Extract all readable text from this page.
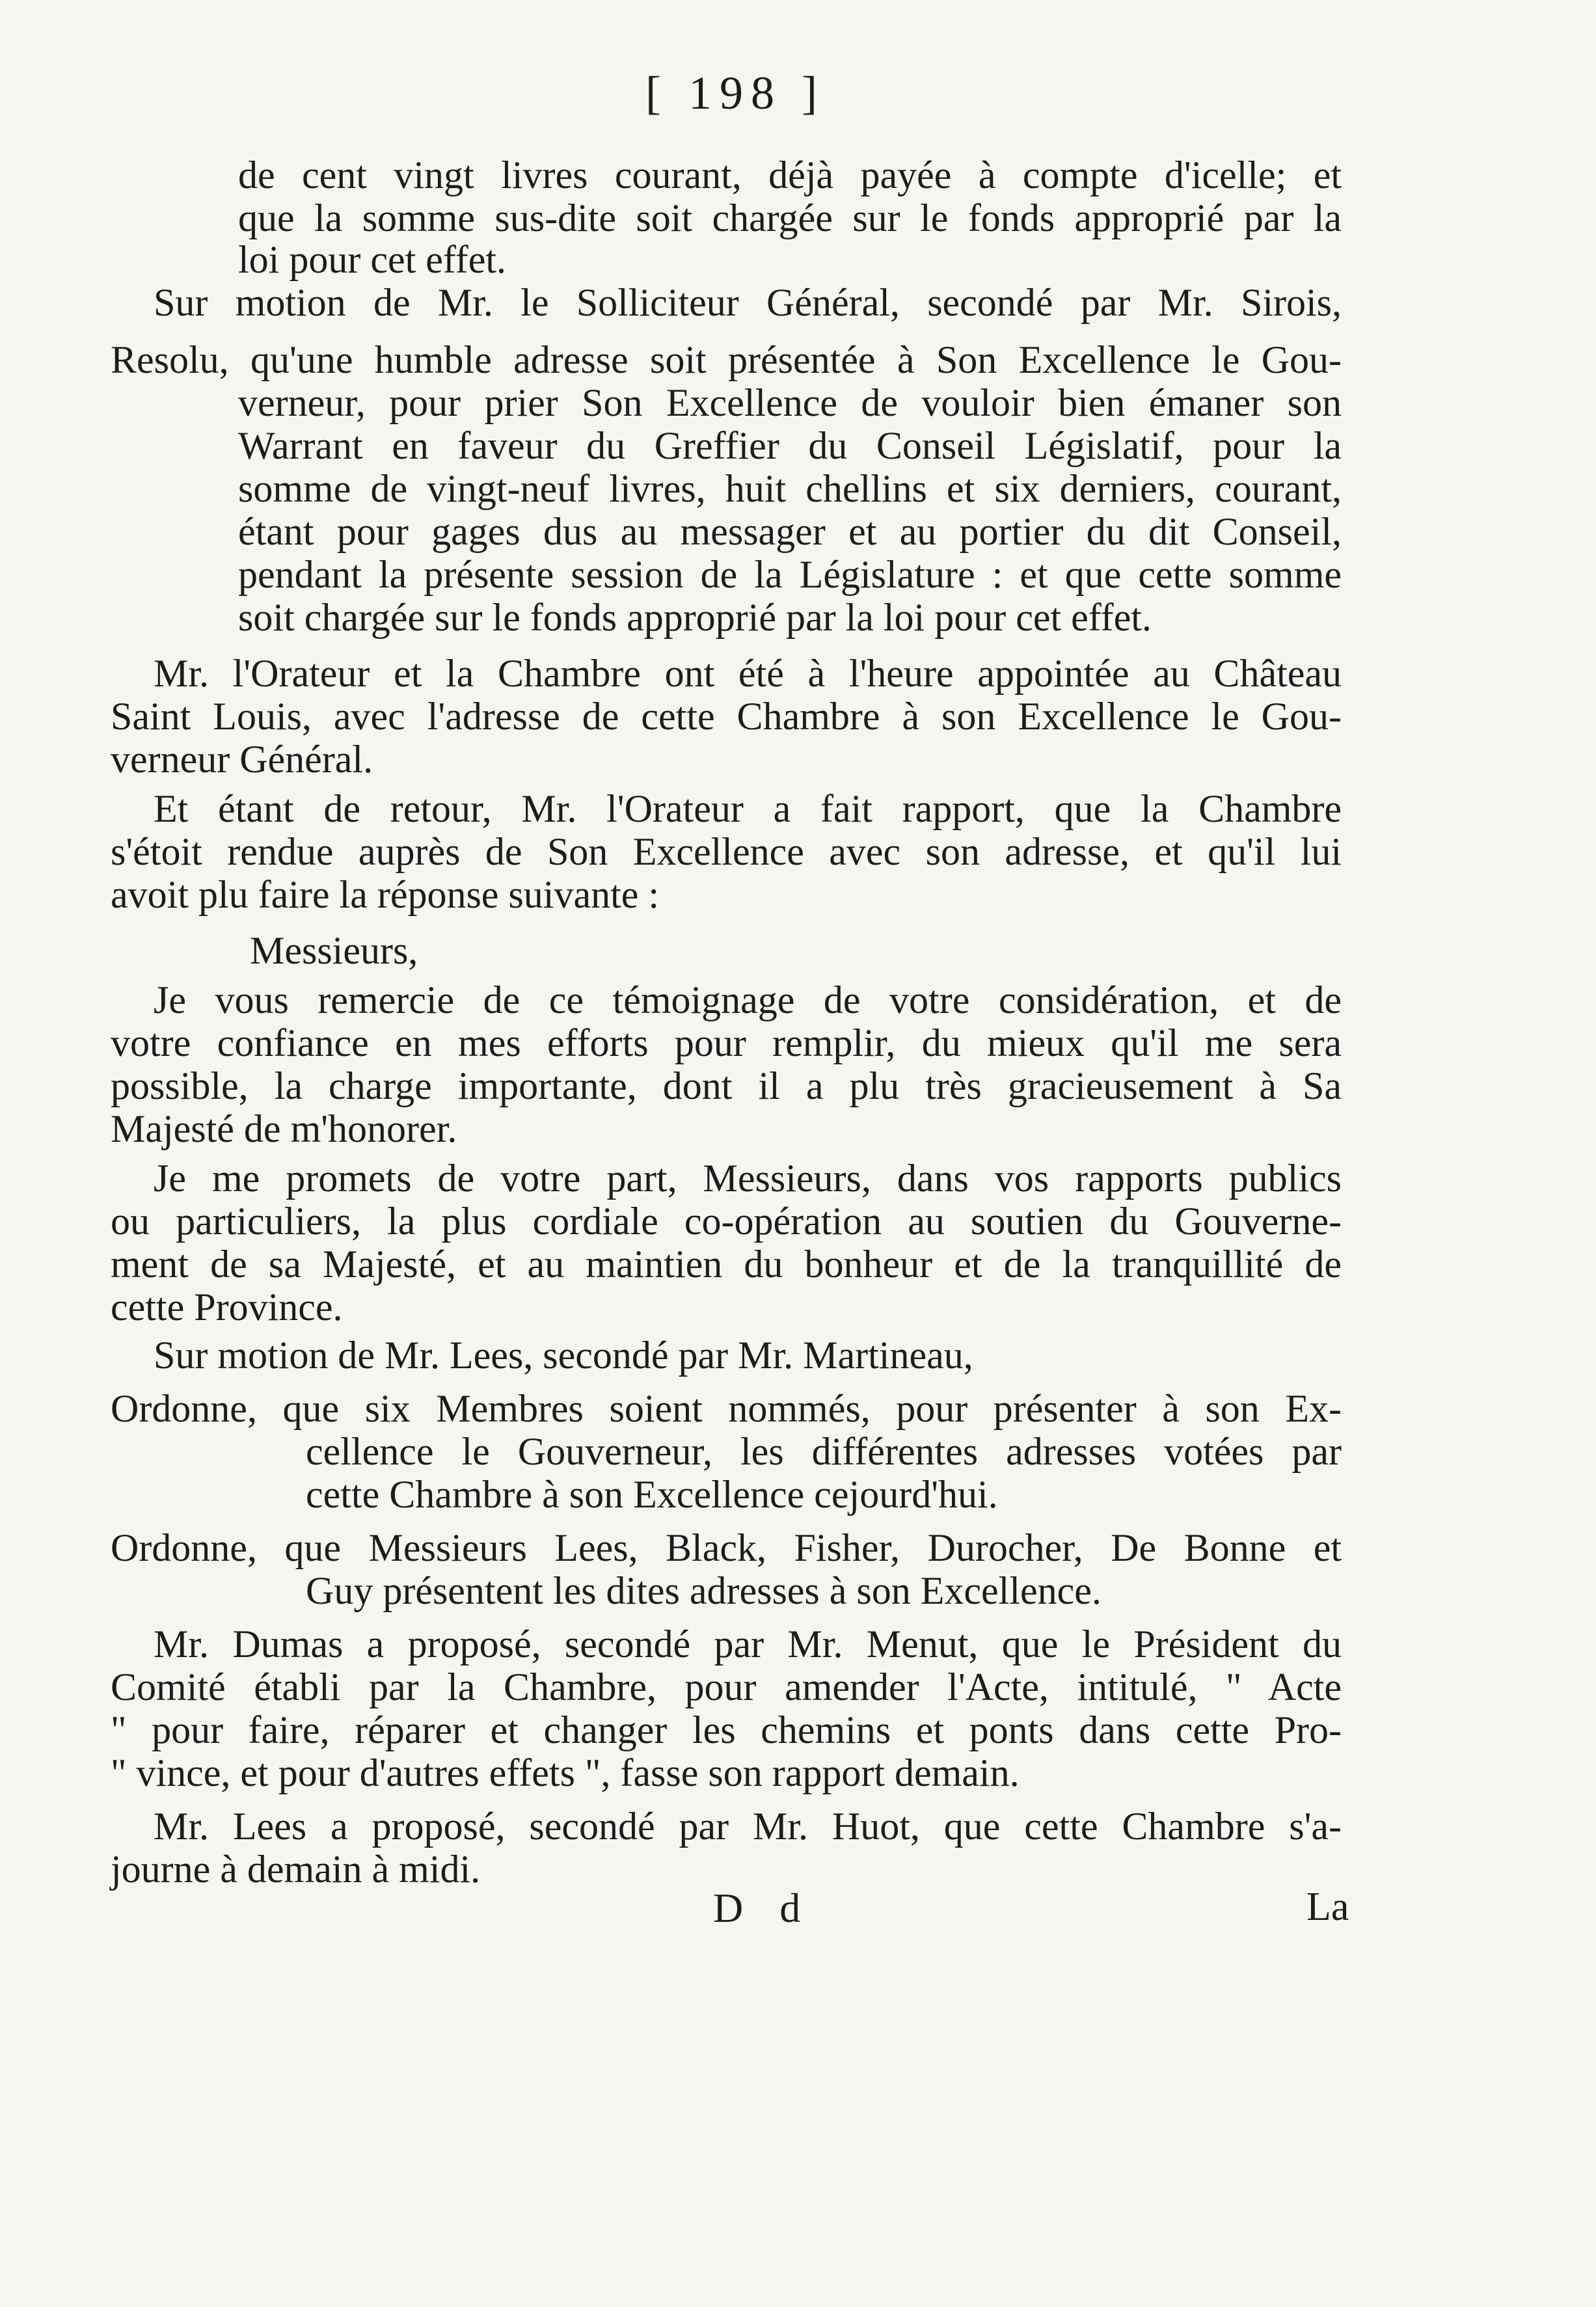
[ 198 ]
de cent vingt livres courant, déjà payée à compte d'icelle; et
que la somme sus-dite soit chargée sur le fonds approprié par la
loi pour cet effet.
Sur motion de Mr. le Solliciteur Général, secondé par Mr. Sirois,
Resolu, qu'une humble adresse soit présentée à Son Excellence le Gou-
verneur, pour prier Son Excellence de vouloir bien émaner son
Warrant en faveur du Greffier du Conseil Législatif, pour la
somme de vingt-neuf livres, huit chellins et six derniers, courant,
étant pour gages dus au messager et au portier du dit Conseil,
pendant la présente session de la Législature : et que cette somme
soit chargée sur le fonds approprié par la loi pour cet effet.
Mr. l'Orateur et la Chambre ont été à l'heure appointée au Château
Saint Louis, avec l'adresse de cette Chambre à son Excellence le Gou-
verneur Général.
Et étant de retour, Mr. l'Orateur a fait rapport, que la Chambre
s'étoit rendue auprès de Son Excellence avec son adresse, et qu'il lui
avoit plu faire la réponse suivante :
Messieurs,
Je vous remercie de ce témoignage de votre considération, et de
votre confiance en mes efforts pour remplir, du mieux qu'il me sera
possible, la charge importante, dont il a plu très gracieusement à Sa
Majesté de m'honorer.
Je me promets de votre part, Messieurs, dans vos rapports publics
ou particuliers, la plus cordiale co-opération au soutien du Gouverne-
ment de sa Majesté, et au maintien du bonheur et de la tranquillité de
cette Province.
Sur motion de Mr. Lees, secondé par Mr. Martineau,
Ordonne, que six Membres soient nommés, pour présenter à son Ex-
cellence le Gouverneur, les différentes adresses votées par
cette Chambre à son Excellence cejourd'hui.
Ordonne, que Messieurs Lees, Black, Fisher, Durocher, De Bonne et
Guy présentent les dites adresses à son Excellence.
Mr. Dumas a proposé, secondé par Mr. Menut, que le Président du
Comité établi par la Chambre, pour amender l'Acte, intitulé, " Acte
" pour faire, réparer et changer les chemins et ponts dans cette Pro-
" vince, et pour d'autres effets ", fasse son rapport demain.
Mr. Lees a proposé, secondé par Mr. Huot, que cette Chambre s'a-
journe à demain à midi.
D d	La
